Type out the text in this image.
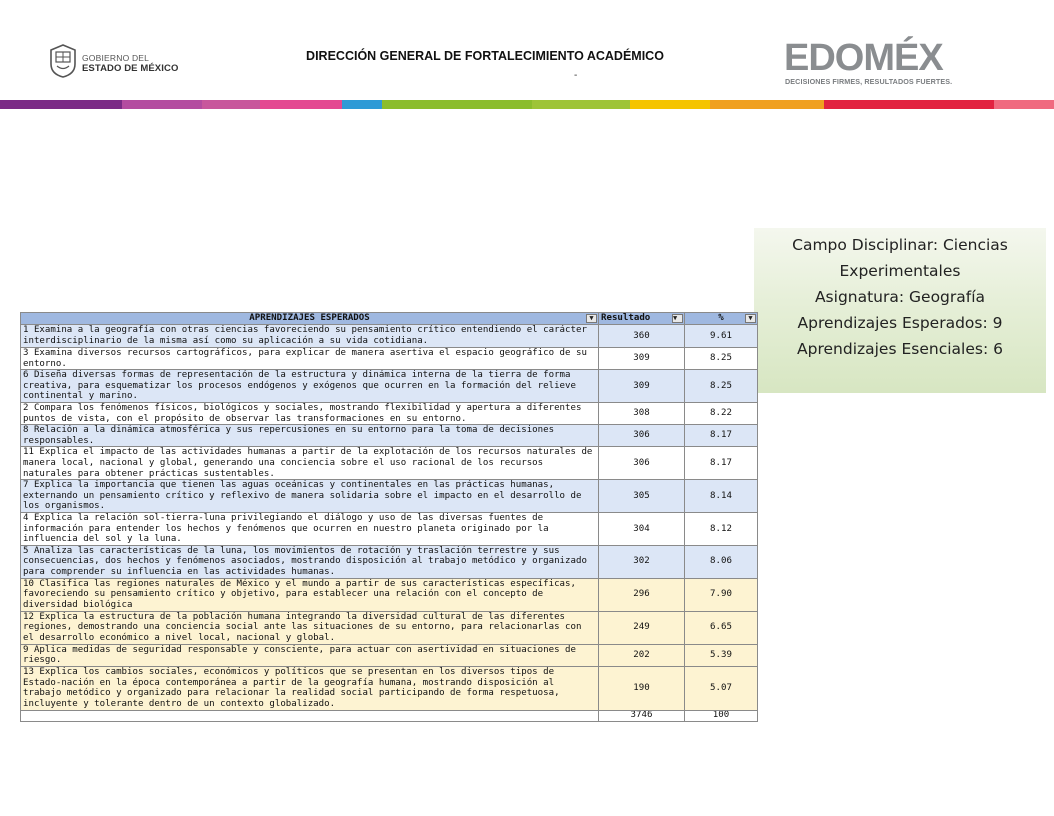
GOBIERNO DEL
ESTADO DE MÉXICO
DIRECCIÓN GENERAL DE FORTALECIMIENTO ACADÉMICO
-	EDOMÉX
DECISIONES FIRMES, RESULTADOS FUERTES.
Campo Disciplinar: Ciencias
Experimentales
Asignatura: Geografía
Aprendizajes Esperados: 9
Aprendizajes Esenciales: 6
APRENDIZAJES ESPERADOS ▼	Resultado ▼	% ▼

1 Examina a la geografía con otras ciencias favoreciendo su pensamiento crítico entendiendo el carácter interdisciplinario de la misma así como su aplicación a su vida cotidiana.	360	9.61
3 Examina diversos recursos cartográficos, para explicar de manera asertiva el espacio geográfico de su entorno.	309	8.25
6 Diseña diversas formas de representación de la estructura y dinámica interna de la tierra de forma creativa, para esquematizar los procesos endógenos y exógenos que ocurren en la formación del relieve continental y marino.	309	8.25
2 Compara los fenómenos físicos, biológicos y sociales, mostrando flexibilidad y apertura a diferentes puntos de vista, con el propósito de observar las transformaciones en su entorno.	308	8.22
8 Relación a la dinámica atmosférica y sus repercusiones en su entorno para la toma de decisiones responsables.	306	8.17
11 Explica el impacto de las actividades humanas a partir de la explotación de los recursos naturales de manera local, nacional y global, generando una conciencia sobre el uso racional de los recursos naturales para obtener prácticas sustentables.	306	8.17
7 Explica la importancia que tienen las aguas oceánicas y continentales en las prácticas humanas, externando un pensamiento crítico y reflexivo de manera solidaria sobre el impacto en el desarrollo de los organismos.	305	8.14
4 Explica la relación sol-tierra-luna privilegiando el diálogo y uso de las diversas fuentes de información para entender los hechos y fenómenos que ocurren en nuestro planeta originado por la influencia del sol y la luna.	304	8.12
5 Analiza las características de la luna, los movimientos de rotación y traslación terrestre y sus consecuencias, dos hechos y fenómenos asociados, mostrando disposición al trabajo metódico y organizado para comprender su influencia en las actividades humanas.	302	8.06
10 Clasifica las regiones naturales de México y el mundo a partir de sus características específicas, favoreciendo su pensamiento crítico y objetivo, para establecer una relación con el concepto de diversidad biológica	296	7.90
12 Explica la estructura de la población humana integrando la diversidad cultural de las diferentes regiones, demostrando una conciencia social ante las situaciones de su entorno, para relacionarlas con el desarrollo económico a nivel local, nacional y global.	249	6.65
9 Aplica medidas de seguridad responsable y consciente, para actuar con asertividad en situaciones de riesgo.	202	5.39
13 Explica los cambios sociales, económicos y políticos que se presentan en los diversos tipos de Estado-nación en la época contemporánea a partir de la geografía humana, mostrando disposición al trabajo metódico y organizado para relacionar la realidad social participando de forma respetuosa, incluyente y tolerante dentro de un contexto globalizado.	190	5.07
	3746	100
